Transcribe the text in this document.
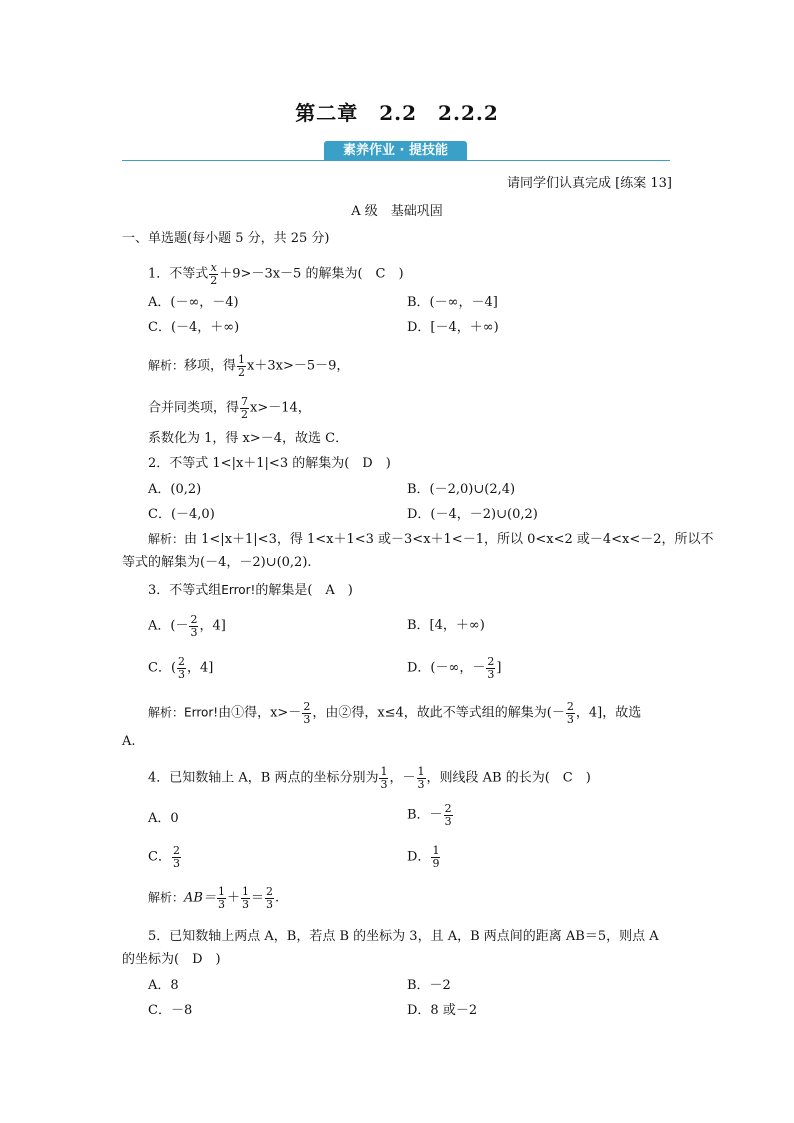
第二章　2.2　2.2.2
素养作业 · 提技能
请同学们认真完成 [练案 13]
A 级　基础巩固
一、单选题(每小题 5 分，共 25 分)
1．不等式 $\frac{x}{2} +9>-3x-5$ 的解集为(　C　)
A．(－∞，－4)	B．(－∞，－4]
C．(－4，＋∞)	D．[－4，＋∞)
解析：移项，得 $\frac{1}{2} x+3x>-5-9$，
合并同类项，得 $\frac{7}{2} x>-14$，
系数化为 1，得 x>－4，故选 C．
2．不等式 1<|x＋1|<3 的解集为(　D　)
A．(0,2)	B．(－2,0)∪(2,4)
C．(－4,0)	D．(－4，－2)∪(0,2)
解析：由 1<|x＋1|<3，得 1<x＋1<3 或－3<x＋1<－1，所以 0<x<2 或－4<x<－2，所以不
等式的解集为(－4，－2)∪(0,2).
3．不等式组Error!的解集是(　A　)
A．(－ $\frac{2}{3}$ ，4]	B．[4，＋∞)
C．( $\frac{2}{3}$ ，4]	D．(－∞，－ $\frac{2}{3}$ ]
解析：Error!由①得，$x>- \frac{2}{3}$ ，由②得，x≤4，故此不等式组的解集为(－ $\frac{2}{3}$ ，4]，故选
A.
4．已知数轴上 A，B 两点的坐标分别为 $\frac{1}{3}$ ，－ $\frac{1}{3}$ ，则线段 AB 的长为(　C　)
A．0	B．－ $\frac{2}{3}$
C． $\frac{2}{3}$	D． $\frac{1}{9}$
解析：$AB= \frac{1}{3} + \frac{1}{3} = \frac{2}{3}$ .
5．已知数轴上两点 A，B，若点 B 的坐标为 3，且 A，B 两点间的距离 AB＝5，则点 A
的坐标为(　D　)
A．8	B．－2
C．－8	D．8 或－2
